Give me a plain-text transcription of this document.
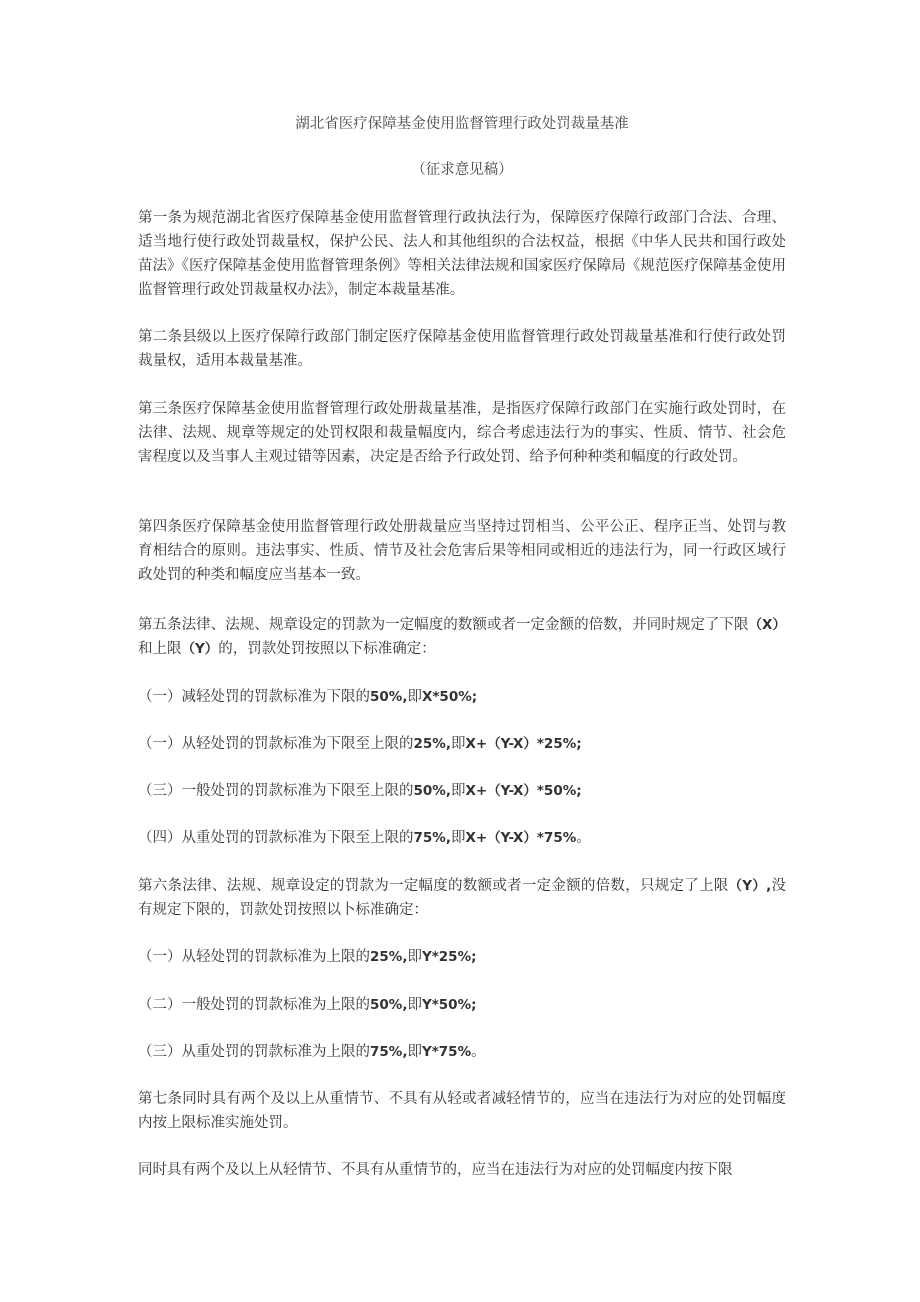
湖北省医疗保障基金使用监督管理行政处罚裁量基准
（征求意见稿）

第一条为规范湖北省医疗保障基金使用监督管理行政执法行为，保障医疗保障行政部门合法、合理、适当地行使行政处罚裁量权，保护公民、法人和其他组织的合法权益，根据《中华人民共和国行政处苗法》《医疗保障基金使用监督管理条例》等相关法律法规和国家医疗保障局《规范医疗保障基金使用监督管理行政处罚裁量权办法》，制定本裁量基准。

第二条县级以上医疗保障行政部门制定医疗保障基金使用监督管理行政处罚裁量基准和行使行政处罚裁量权，适用本裁量基准。

第三条医疗保障基金使用监督管理行政处册裁量基准，是指医疗保障行政部门在实施行政处罚时，在法律、法规、规章等规定的处罚权限和裁量幅度内，综合考虑违法行为的事实、性质、情节、社会危害程度以及当事人主观过错等因素，决定是否给予行政处罚、给予何种种类和幅度的行政处罚。

第四条医疗保障基金使用监督管理行政处册裁量应当坚持过罚相当、公平公正、程序正当、处罚与教育相结合的原则。违法事实、性质、情节及社会危害后果等相同或相近的违法行为，同一行政区域行政处罚的种类和幅度应当基本一致。

第五条法律、法规、规章设定的罚款为一定幅度的数额或者一定金额的倍数，并同时规定了下限（X）和上限（Y）的，罚款处罚按照以下标准确定：

（一）减轻处罚的罚款标准为下限的50%,即X*50%;

（一）从轻处罚的罚款标准为下限至上限的25%,即X+（Y-X）*25%;

（三）一般处罚的罚款标准为下限至上限的50%,即X+（Y-X）*50%;

（四）从重处罚的罚款标准为下限至上限的75%,即X+（Y-X）*75%。

第六条法律、法规、规章设定的罚款为一定幅度的数额或者一定金额的倍数，只规定了上限（Y）,没有规定下限的，罚款处罚按照以卜标准确定：

（一）从轻处罚的罚款标准为上限的25%,即Y*25%;

（二）一般处罚的罚款标准为上限的50%,即Y*50%;

（三）从重处罚的罚款标准为上限的75%,即Y*75%。

第七条同时具有两个及以上从重情节、不具有从轻或者减轻情节的，应当在违法行为对应的处罚幅度内按上限标准实施处罚。

同时具有两个及以上从轻情节、不具有从重情节的，应当在违法行为对应的处罚幅度内按下限
